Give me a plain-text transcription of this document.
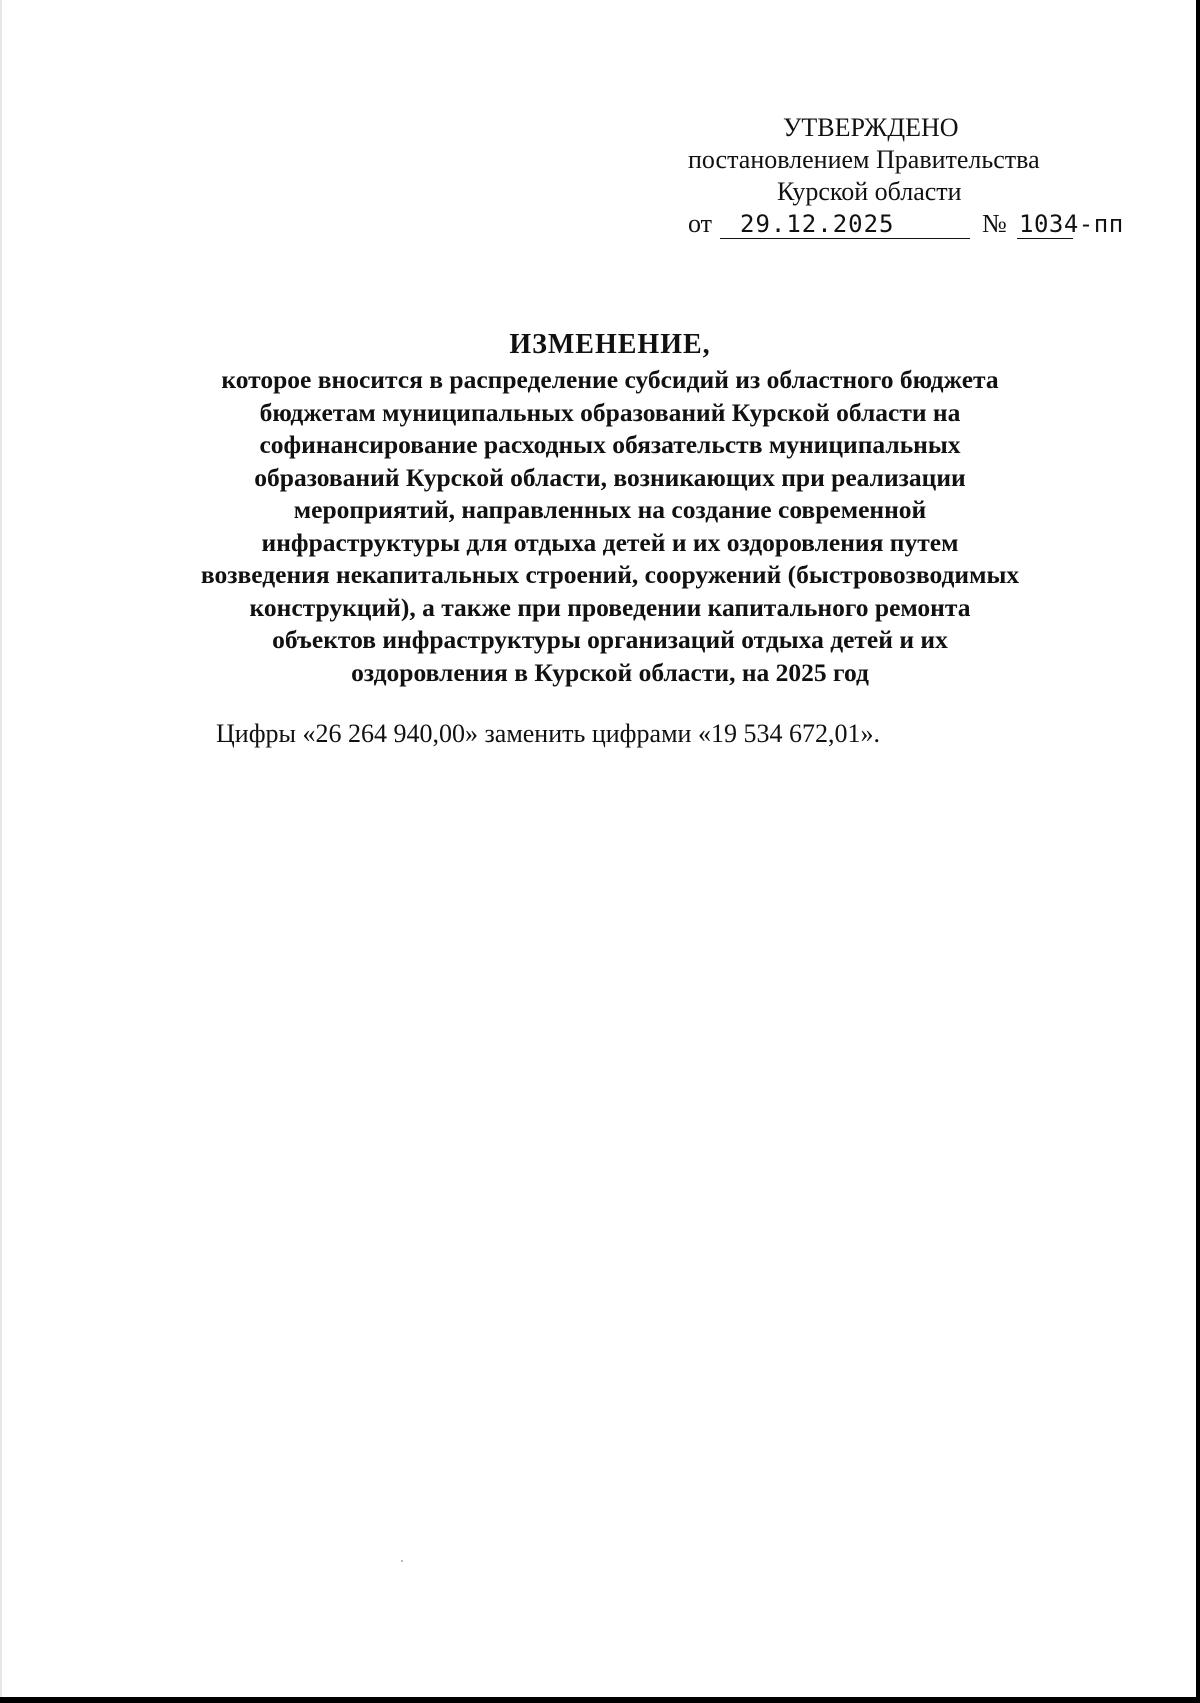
УТВЕРЖДЕНО
постановлением Правительства
Курской области
от 29.12.2025	№ 1034-пп
ИЗМЕНЕНИЕ,
которое вносится в распределение субсидий из областного бюджета
бюджетам муниципальных образований Курской области на
софинансирование расходных обязательств муниципальных
образований Курской области, возникающих при реализации
мероприятий, направленных на создание современной
инфраструктуры для отдыха детей и их оздоровления путем
возведения некапитальных строений, сооружений (быстровозводимых
конструкций), а также при проведении капитального ремонта
объектов инфраструктуры организаций отдыха детей и их
оздоровления в Курской области, на 2025 год
Цифры «26 264 940,00» заменить цифрами «19 534 672,01».
